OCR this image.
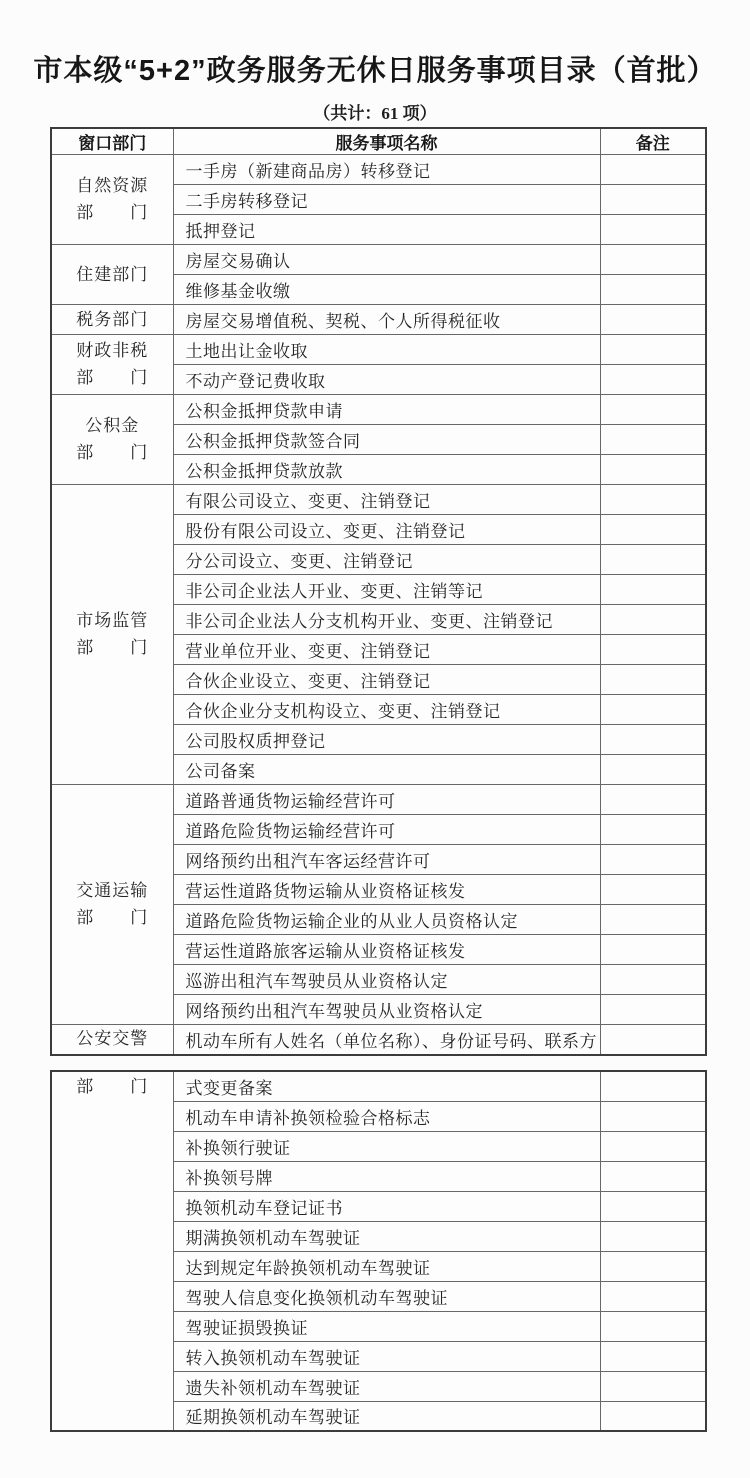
市本级“5+2”政务服务无休日服务事项目录（首批）
（共计：61 项）
窗口部门	服务事项名称	备注

自然资源
部　　门	一手房（新建商品房）转移登记	
	二手房转移登记	
	抵押登记	

住建部门	房屋交易确认	
	维修基金收缴	

税务部门	房屋交易增值税、契税、个人所得税征收	

财政非税
部　　门	土地出让金收取	
	不动产登记费收取	

公积金
部　　门	公积金抵押贷款申请	
	公积金抵押贷款签合同	
	公积金抵押贷款放款	

市场监管
部　　门	有限公司设立、变更、注销登记	
	股份有限公司设立、变更、注销登记	
	分公司设立、变更、注销登记	
	非公司企业法人开业、变更、注销等记	
	非公司企业法人分支机构开业、变更、注销登记	
	营业单位开业、变更、注销登记	
	合伙企业设立、变更、注销登记	
	合伙企业分支机构设立、变更、注销登记	
	公司股权质押登记	
	公司备案	

交通运输
部　　门	道路普通货物运输经营许可	
	道路危险货物运输经营许可	
	网络预约出租汽车客运经营许可	
	营运性道路货物运输从业资格证核发	
	道路危险货物运输企业的从业人员资格认定	
	营运性道路旅客运输从业资格证核发	
	巡游出租汽车驾驶员从业资格认定	
	网络预约出租汽车驾驶员从业资格认定	

公安交警	机动车所有人姓名（单位名称）、身份证号码、联系方	
部　　门	式变更备案	
	机动车申请补换领检验合格标志	
	补换领行驶证	
	补换领号牌	
	换领机动车登记证书	
	期满换领机动车驾驶证	
	达到规定年龄换领机动车驾驶证	
	驾驶人信息变化换领机动车驾驶证	
	驾驶证损毁换证	
	转入换领机动车驾驶证	
	遗失补领机动车驾驶证	
	延期换领机动车驾驶证	
